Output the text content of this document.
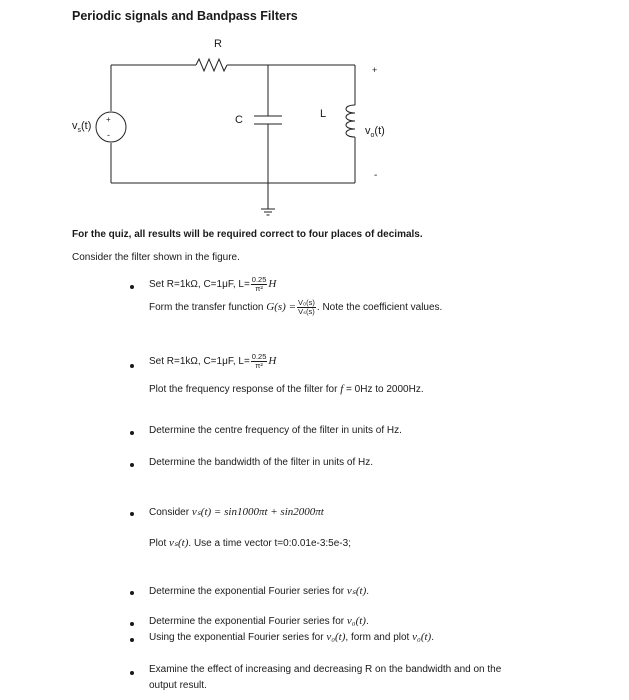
Periodic signals and Bandpass Filters
+
-
R
C	L
$v_s(t)$	$v_o(t)$
+
-
For the quiz, all results will be required correct to four places of decimals.
Consider the filter shown in the figure.
Set R=1kΩ, C=1μF, $L= \frac{0.25}{\text{π²}}$ H
Form the transfer function $G(s) = \frac{\text{V₀(s)}}{\text{Vₛ(s)}}$ . Note the coefficient values.
Set R=1kΩ, C=1μF, $L= \frac{0.25}{\text{π²}}$ H
Plot the frequency response of the filter for f = 0Hz to 2000Hz.
Determine the centre frequency of the filter in units of Hz.
Determine the bandwidth of the filter in units of Hz.
Consider vₛ(t) = sin1000πt + sin2000πt
Plot vₛ(t). Use a time vector t=0:0.01e-3:5e-3;
Determine the exponential Fourier series for vₛ(t).
Determine the exponential Fourier series for v₀(t).
Using the exponential Fourier series for v₀(t), form and plot v₀(t).
Examine the effect of increasing and decreasing R on the bandwidth and on the
output result.
